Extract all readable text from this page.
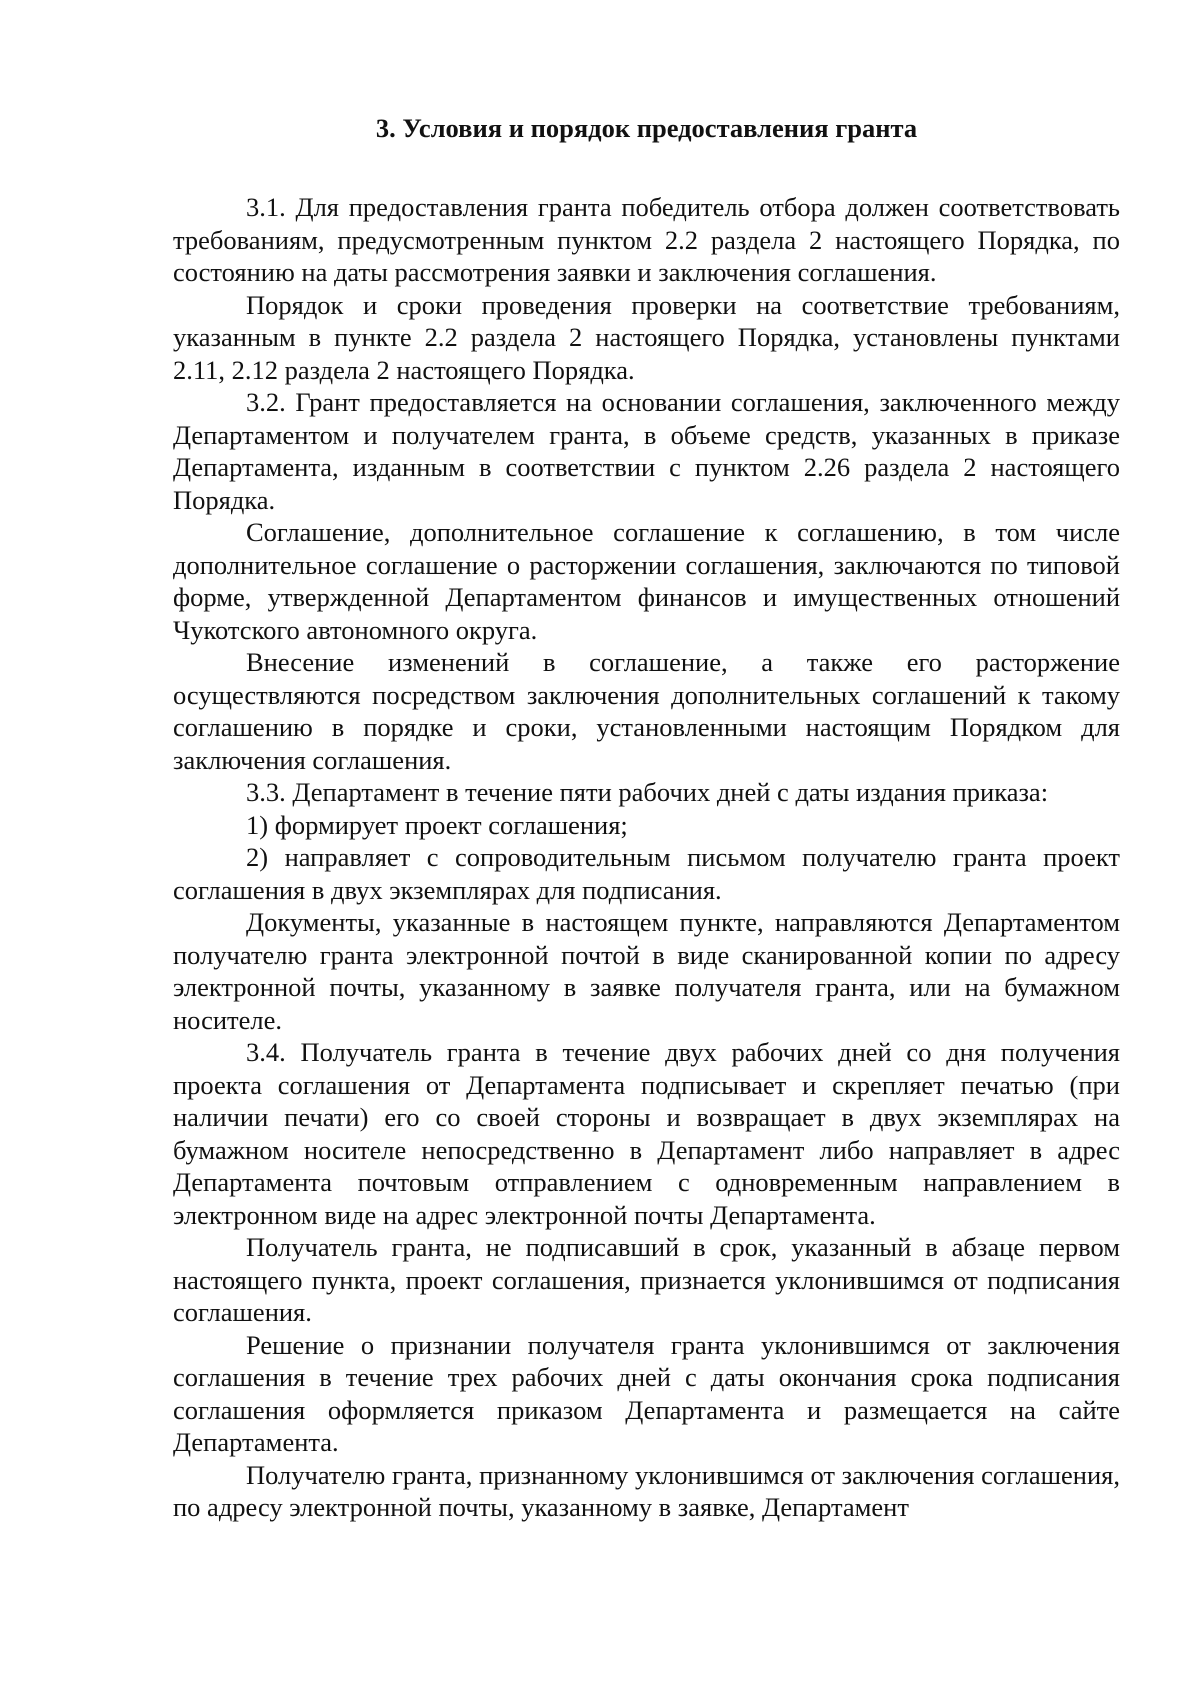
3. Условия и порядок предоставления гранта

3.1. Для предоставления гранта победитель отбора должен соответствовать требованиям, предусмотренным пунктом 2.2 раздела 2 настоящего Порядка, по состоянию на даты рассмотрения заявки и заключения соглашения.

Порядок и сроки проведения проверки на соответствие требованиям, указанным в пункте 2.2 раздела 2 настоящего Порядка, установлены пунктами 2.11, 2.12 раздела 2 настоящего Порядка.

3.2. Грант предоставляется на основании соглашения, заключенного между Департаментом и получателем гранта, в объеме средств, указанных в приказе Департамента, изданным в соответствии с пунктом 2.26 раздела 2 настоящего Порядка.

Соглашение, дополнительное соглашение к соглашению, в том числе дополнительное соглашение о расторжении соглашения, заключаются по типовой форме, утвержденной Департаментом финансов и имущественных отношений Чукотского автономного округа.

Внесение изменений в соглашение, а также его расторжение осуществляются посредством заключения дополнительных соглашений к такому соглашению в порядке и сроки, установленными настоящим Порядком для заключения соглашения.

3.3. Департамент в течение пяти рабочих дней с даты издания приказа:

1) формирует проект соглашения;

2) направляет с сопроводительным письмом получателю гранта проект соглашения в двух экземплярах для подписания.

Документы, указанные в настоящем пункте, направляются Департаментом получателю гранта электронной почтой в виде сканированной копии по адресу электронной почты, указанному в заявке получателя гранта, или на бумажном носителе.

3.4. Получатель гранта в течение двух рабочих дней со дня получения проекта соглашения от Департамента подписывает и скрепляет печатью (при наличии печати) его со своей стороны и возвращает в двух экземплярах на бумажном носителе непосредственно в Департамент либо направляет в адрес Департамента почтовым отправлением с одновременным направлением в электронном виде на адрес электронной почты Департамента.

Получатель гранта, не подписавший в срок, указанный в абзаце первом настоящего пункта, проект соглашения, признается уклонившимся от подписания соглашения.

Решение о признании получателя гранта уклонившимся от заключения соглашения в течение трех рабочих дней с даты окончания срока подписания соглашения оформляется приказом Департамента и размещается на сайте Департамента.

Получателю гранта, признанному уклонившимся от заключения соглашения, по адресу электронной почты, указанному в заявке, Департамент
